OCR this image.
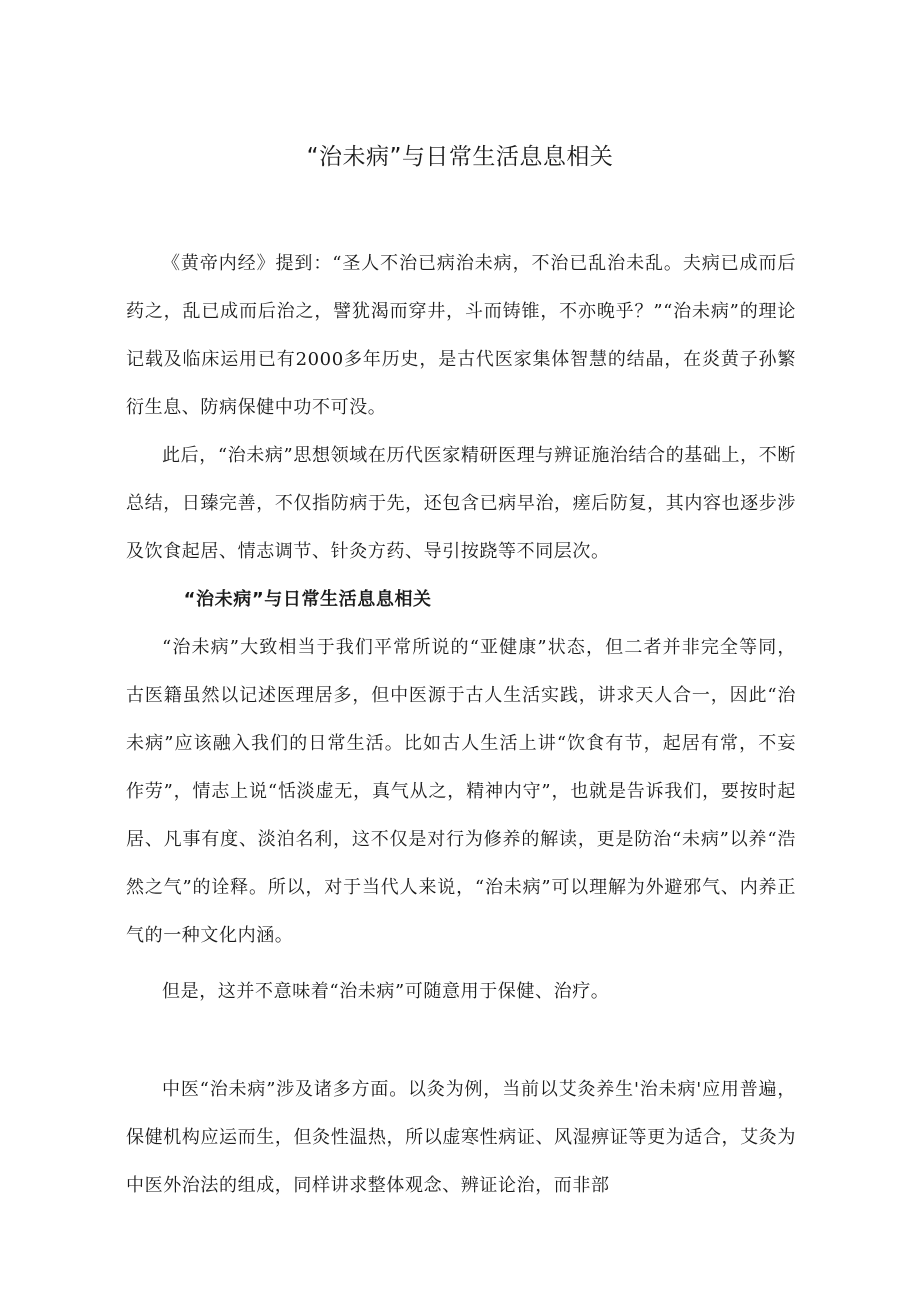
“治未病”与日常生活息息相关

《黄帝内经》提到：“圣人不治已病治未病，不治已乱治未乱。夫病已成而后药之，乱已成而后治之，譬犹渴而穿井，斗而铸锥，不亦晚乎？”“治未病”的理论记载及临床运用已有2000多年历史，是古代医家集体智慧的结晶，在炎黄子孙繁衍生息、防病保健中功不可没。

此后，“治未病”思想领域在历代医家精研医理与辨证施治结合的基础上，不断总结，日臻完善，不仅指防病于先，还包含已病早治，瘥后防复，其内容也逐步涉及饮食起居、情志调节、针灸方药、导引按跷等不同层次。

“治未病”与日常生活息息相关

“治未病”大致相当于我们平常所说的“亚健康”状态，但二者并非完全等同，古医籍虽然以记述医理居多，但中医源于古人生活实践，讲求天人合一，因此“治未病”应该融入我们的日常生活。比如古人生活上讲“饮食有节，起居有常，不妄作劳”，情志上说“恬淡虚无，真气从之，精神内守”，也就是告诉我们，要按时起居、凡事有度、淡泊名利，这不仅是对行为修养的解读，更是防治“未病”以养“浩然之气”的诠释。所以，对于当代人来说，“治未病”可以理解为外避邪气、内养正气的一种文化内涵。

但是，这并不意味着“治未病”可随意用于保健、治疗。

中医“治未病”涉及诸多方面。以灸为例，当前以艾灸养生'治未病'应用普遍，保健机构应运而生，但灸性温热，所以虚寒性病证、风湿痹证等更为适合，艾灸为中医外治法的组成，同样讲求整体观念、辨证论治，而非部
